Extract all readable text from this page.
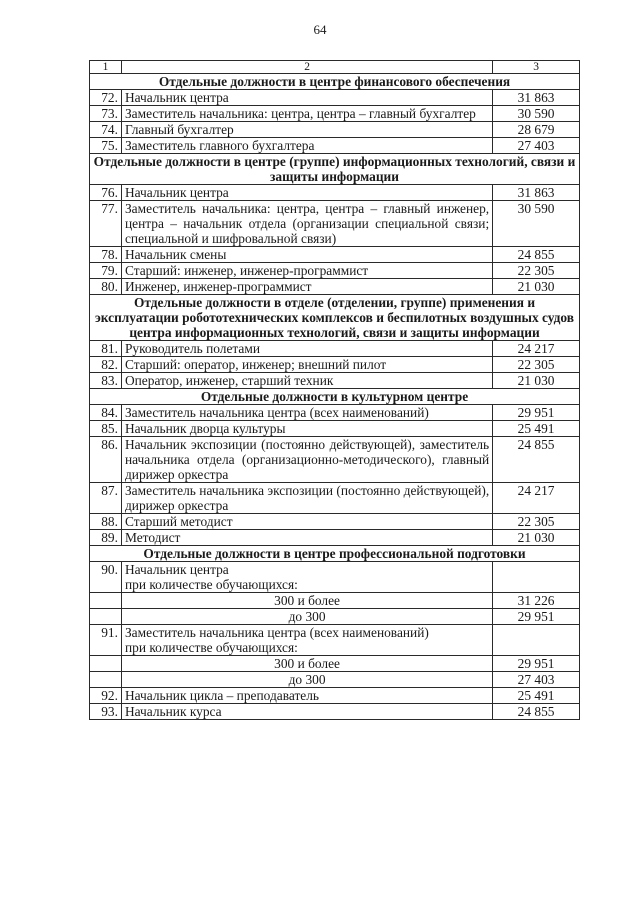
64
1	2	3
Отдельные должности в центре финансового обеспечения		
72.	Начальник центра	31 863
73.	Заместитель начальника: центра, центра – главный бухгалтер	30 590
74.	Главный бухгалтер	28 679
75.	Заместитель главного бухгалтера	27 403
Отдельные должности в центре (группе) информационных технологий, связи и защиты информации		
76.	Начальник центра	31 863
77.	Заместитель начальника: центра, центра – главный инженер, центра – начальник отдела (организации специальной связи; специальной и шифровальной связи)	30 590
78.	Начальник смены	24 855
79.	Старший: инженер, инженер-программист	22 305
80.	Инженер, инженер-программист	21 030
Отдельные должности в отделе (отделении, группе) применения и эксплуатации робототехнических комплексов и беспилотных воздушных судов центра информационных технологий, связи и защиты информации		
81.	Руководитель полетами	24 217
82.	Старший: оператор, инженер; внешний пилот	22 305
83.	Оператор, инженер, старший техник	21 030
Отдельные должности в культурном центре		
84.	Заместитель начальника центра (всех наименований)	29 951
85.	Начальник дворца культуры	25 491
86.	Начальник экспозиции (постоянно действующей), заместитель начальника отдела (организационно-методического), главный дирижер оркестра	24 855
87.	Заместитель начальника экспозиции (постоянно действующей), дирижер оркестра	24 217
88.	Старший методист	22 305
89.	Методист	21 030
Отдельные должности в центре профессиональной подготовки		
90.	Начальник центра
при количестве обучающихся:	

	300 и более	31 226
	до 300	29 951
91.	Заместитель начальника центра (всех наименований)
при количестве обучающихся:	

	300 и более	29 951
	до 300	27 403
92.	Начальник цикла – преподаватель	25 491
93.	Начальник курса	24 855
